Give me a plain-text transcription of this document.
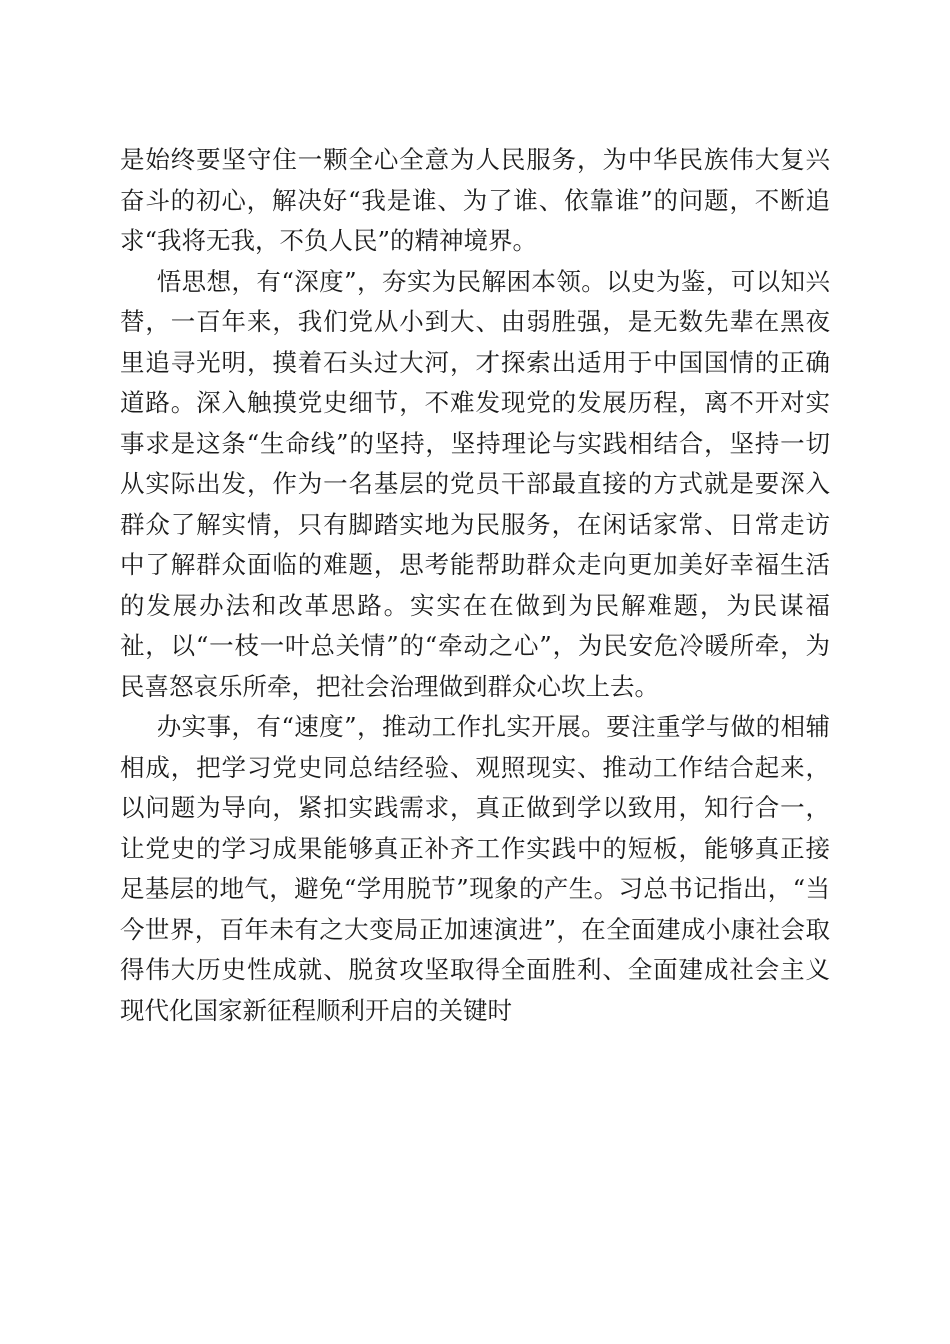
是始终要坚守住一颗全心全意为人民服务，为中华民族伟大复兴奋斗的初心，解决好“我是谁、为了谁、依靠谁”的问题，不断追求“我将无我，不负人民”的精神境界。

悟思想，有“深度”，夯实为民解困本领。以史为鉴，可以知兴替，一百年来，我们党从小到大、由弱胜强，是无数先辈在黑夜里追寻光明，摸着石头过大河，才探索出适用于中国国情的正确道路。深入触摸党史细节，不难发现党的发展历程，离不开对实事求是这条“生命线”的坚持，坚持理论与实践相结合，坚持一切从实际出发，作为一名基层的党员干部最直接的方式就是要深入群众了解实情，只有脚踏实地为民服务，在闲话家常、日常走访中了解群众面临的难题，思考能帮助群众走向更加美好幸福生活的发展办法和改革思路。实实在在做到为民解难题，为民谋福祉，以“一枝一叶总关情”的“牵动之心”，为民安危冷暖所牵，为民喜怒哀乐所牵，把社会治理做到群众心坎上去。

办实事，有“速度”，推动工作扎实开展。要注重学与做的相辅相成，把学习党史同总结经验、观照现实、推动工作结合起来，以问题为导向，紧扣实践需求，真正做到学以致用，知行合一，让党史的学习成果能够真正补齐工作实践中的短板，能够真正接足基层的地气，避免“学用脱节”现象的产生。习总书记指出，“当今世界，百年未有之大变局正加速演进”，在全面建成小康社会取得伟大历史性成就、脱贫攻坚取得全面胜利、全面建成社会主义现代化国家新征程顺利开启的关键时
